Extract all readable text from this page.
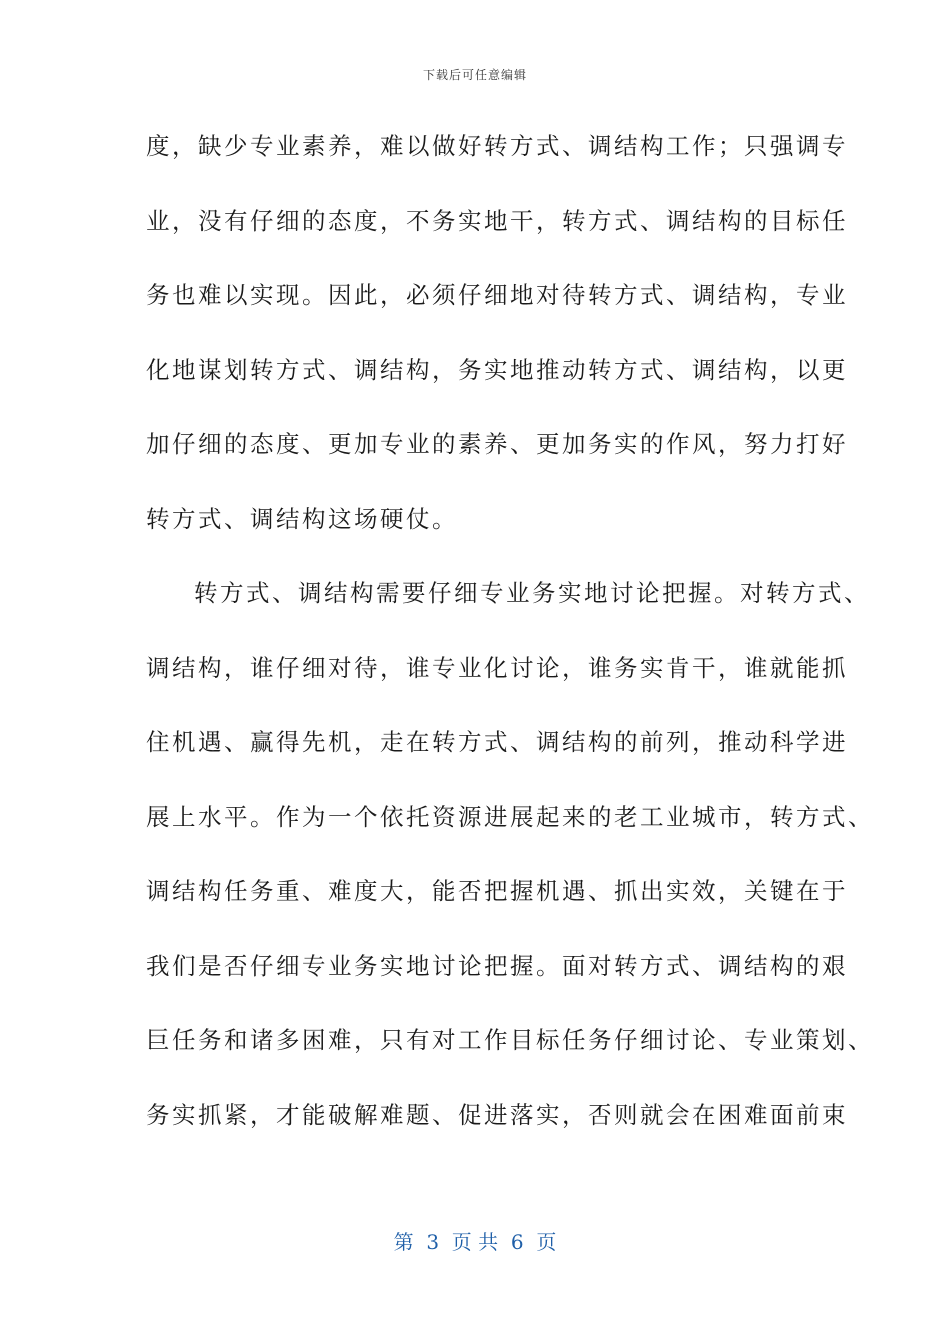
下载后可任意编辑
度，缺少专业素养，难以做好转方式、调结构工作；只强调专
业，没有仔细的态度，不务实地干，转方式、调结构的目标任
务也难以实现。因此，必须仔细地对待转方式、调结构，专业
化地谋划转方式、调结构，务实地推动转方式、调结构，以更
加仔细的态度、更加专业的素养、更加务实的作风，努力打好
转方式、调结构这场硬仗。
转方式、调结构需要仔细专业务实地讨论把握。对转方式、
调结构，谁仔细对待，谁专业化讨论，谁务实肯干，谁就能抓
住机遇、赢得先机，走在转方式、调结构的前列，推动科学进
展上水平。作为一个依托资源进展起来的老工业城市，转方式、
调结构任务重、难度大，能否把握机遇、抓出实效，关键在于
我们是否仔细专业务实地讨论把握。面对转方式、调结构的艰
巨任务和诸多困难，只有对工作目标任务仔细讨论、专业策划、
务实抓紧，才能破解难题、促进落实，否则就会在困难面前束
第  3  页 共  6  页
